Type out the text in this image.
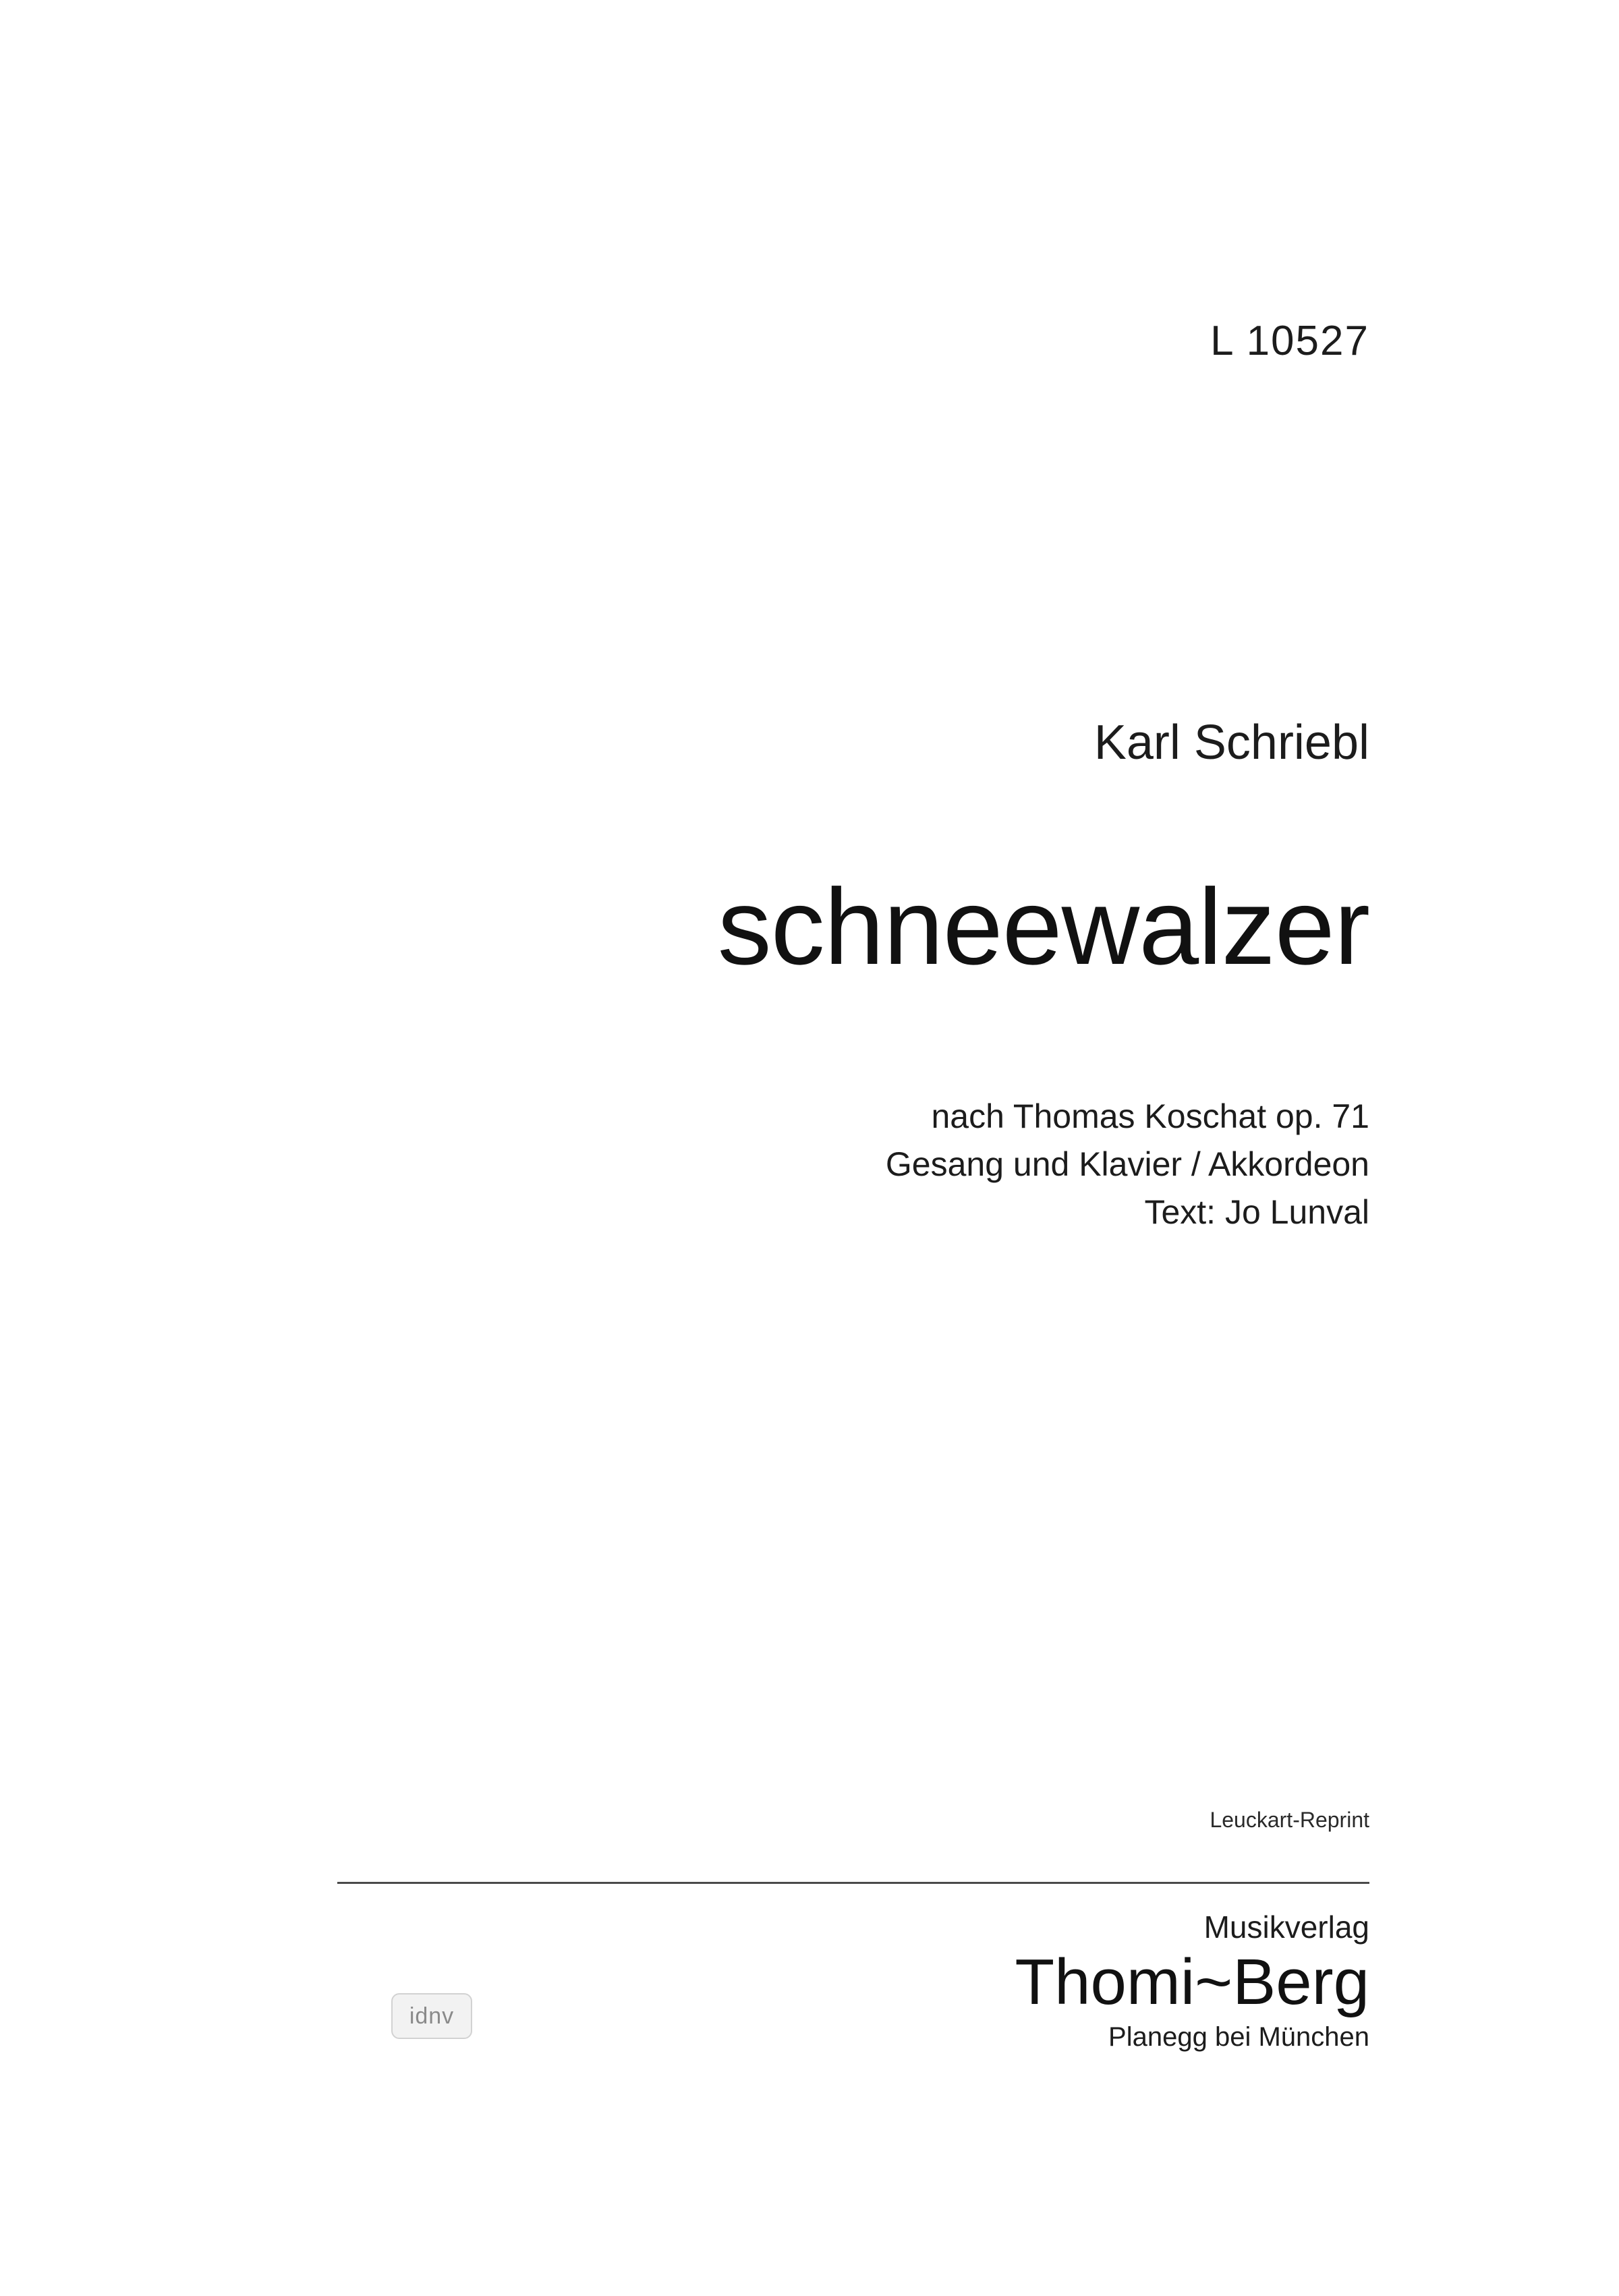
L 10527
Karl Schriebl
schneewalzer
nach Thomas Koschat op. 71
Gesang und Klavier / Akkordeon
Text: Jo Lunval
Leuckart-Reprint
Musikverlag
Thomi~Berg
Planegg bei München
idnv
